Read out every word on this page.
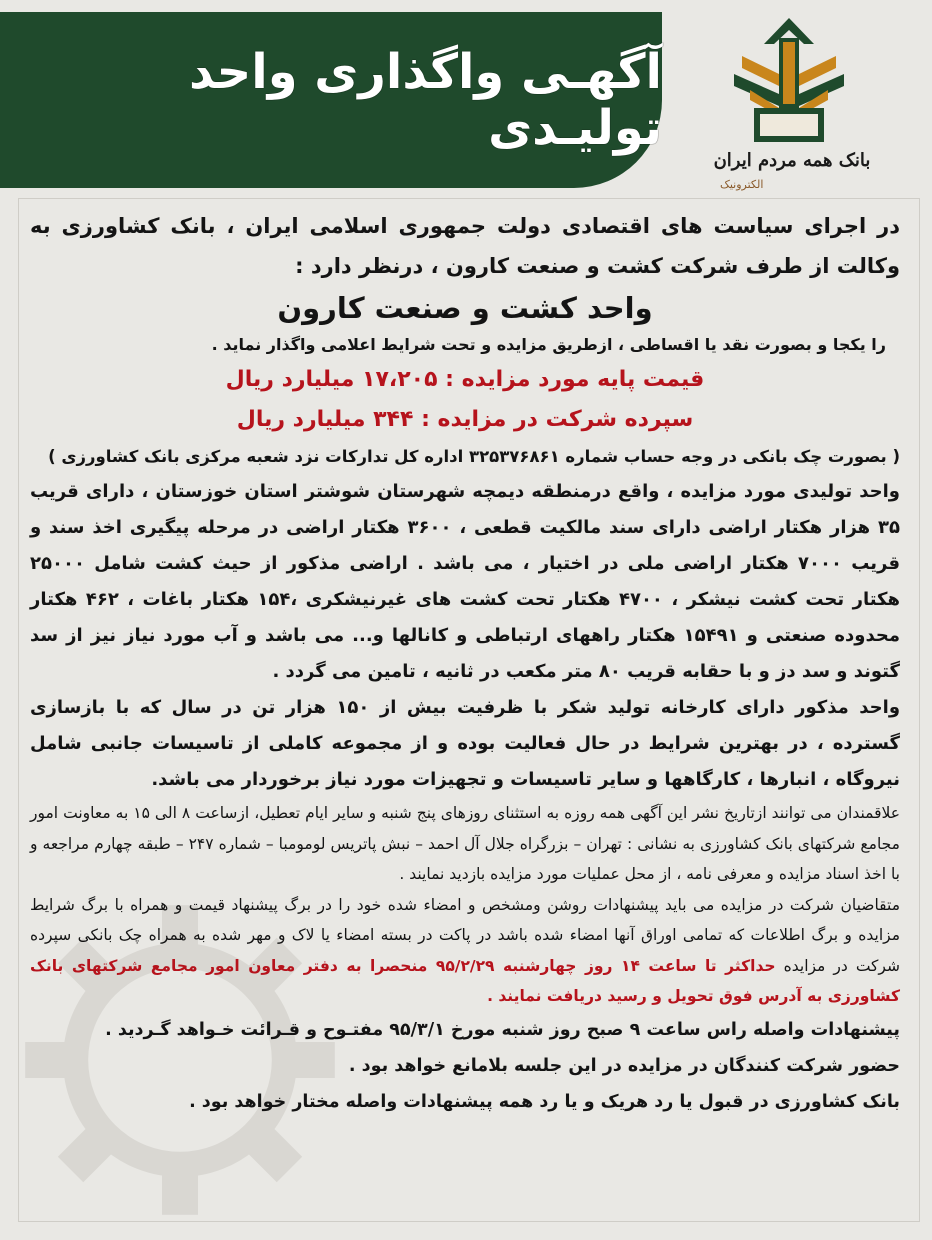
آگهـی واگذاری واحد تولیـدی
بانک همه مردم ایران
الکترونیک

در اجرای سیاست های اقتصادی دولت جمهوری اسلامی ایران ، بانک کشاورزی به وکالت از طرف شرکت کشت و صنعت کارون ، درنظر دارد :

واحد کشت و صنعت کارون

را یکجا و بصورت نقد یا اقساطی ، ازطریق مزایده و تحت شرایط اعلامی واگذار نماید .

قیمت پایه مورد مزایده : ۱۷،۲۰۵ میلیارد ریال

سپرده شرکت در مزایده : ۳۴۴ میلیارد ریال

( بصورت چک بانکی در وجه حساب شماره ۳۲۵۳۷۶۸۶۱ اداره کل تدارکات نزد شعبه مرکزی بانک کشاورزی )

واحد تولیدی مورد مزایده ، واقع درمنطقه دیمچه شهرستان شوشتر استان خوزستان ، دارای قریب ۳۵ هزار هکتار اراضی دارای سند مالکیت قطعی ، ۳۶۰۰ هکتار اراضی در مرحله پیگیری اخذ سند و قریب ۷۰۰۰ هکتار اراضی ملی در اختیار ، می باشد . اراضی مذکور از حیث کشت شامل ۲۵۰۰۰ هکتار تحت کشت نیشکر ، ۴۷۰۰ هکتار تحت کشت های غیرنیشکری ،۱۵۴ هکتار باغات ، ۴۶۲ هکتار محدوده صنعتی و ۱۵۴۹۱ هکتار راههای ارتباطی و کانالها و... می باشد و آب مورد نیاز نیز از سد گتوند و سد دز و با حقابه قریب ۸۰ متر مکعب در ثانیه ، تامین می گردد .

واحد مذکور دارای کارخانه تولید شکر با ظرفیت بیش از ۱۵۰ هزار تن در سال که با بازسازی گسترده ، در بهترین شرایط در حال فعالیت بوده و از مجموعه کاملی از تاسیسات جانبی شامل نیروگاه ، انبارها ، کارگاهها و سایر تاسیسات و تجهیزات مورد نیاز برخوردار می باشد.

علاقمندان می توانند ازتاریخ نشر این آگهی همه روزه به استثنای روزهای پنج شنبه و سایر ایام تعطیل، ازساعت ۸ الی ۱۵ به معاونت امور مجامع شرکتهای بانک کشاورزی به نشانی : تهران – بزرگراه جلال آل احمد – نبش پاتریس لومومبا – شماره ۲۴۷ – طبقه چهارم مراجعه و با اخذ اسناد مزایده و معرفی نامه ، از محل عملیات مورد مزایده بازدید نمایند .

متقاضیان شرکت در مزایده می باید پیشنهادات روشن ومشخص و امضاء شده خود را در برگ پیشنهاد قیمت و همراه با برگ شرایط مزایده و برگ اطلاعات که تمامی اوراق آنها امضاء شده باشد در پاکت در بسته امضاء یا لاک و مهر شده به همراه چک بانکی سپرده شرکت در مزایده حداکثر تا ساعت ۱۴ روز چهارشنبه ۹۵/۲/۲۹ منحصرا به دفتر معاون امور مجامع شرکتهای بانک کشاورزی به آدرس فوق تحویل و رسید دریافت نمایند .

پیشنهادات واصله راس ساعت ۹ صبح روز شنبه مورخ ۹۵/۳/۱ مفتـوح و قـرائت خـواهد گـردید .

حضور شرکت کنندگان در مزایده در این جلسه بلامانع خواهد بود .

بانک کشاورزی در قبول یا رد هریک و یا رد همه پیشنهادات واصله مختار خواهد بود .
